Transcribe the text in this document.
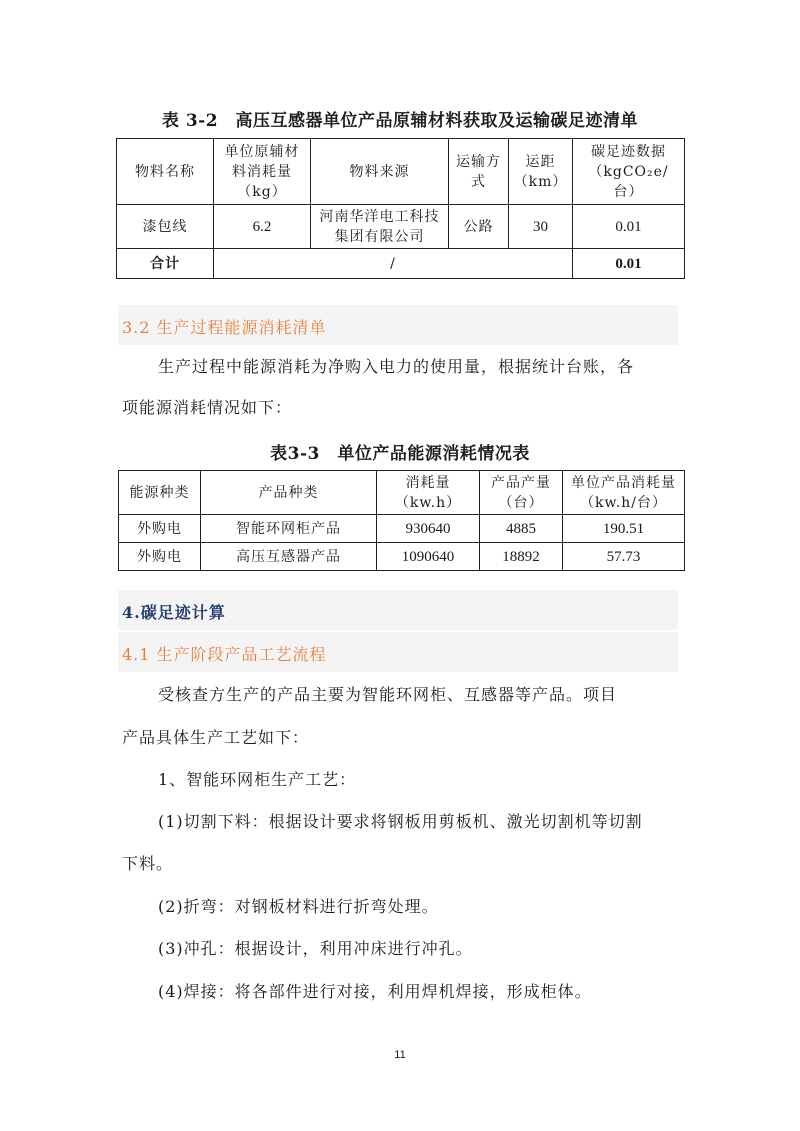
表 3-2　高压互感器单位产品原辅材料获取及运输碳足迹清单
物料名称	单位原辅材料消耗量（kg）	物料来源	运输方式	运距（km）	碳足迹数据（kgCO₂e/台）
漆包线	6.2	河南华洋电工科技集团有限公司	公路	30	0.01
合计	/				0.01
3.2 生产过程能源消耗清单
生产过程中能源消耗为净购入电力的使用量，根据统计台账，各
项能源消耗情况如下：
表3-3　单位产品能源消耗情况表
能源种类	产品种类	消耗量（kw.h）	产品产量（台）	单位产品消耗量（kw.h/台）
外购电	智能环网柜产品	930640	4885	190.51
外购电	高压互感器产品	1090640	18892	57.73
4.碳足迹计算
4.1 生产阶段产品工艺流程
受核查方生产的产品主要为智能环网柜、互感器等产品。项目
产品具体生产工艺如下：
1、智能环网柜生产工艺：
(1)切割下料：根据设计要求将钢板用剪板机、激光切割机等切割
下料。
(2)折弯：对钢板材料进行折弯处理。
(3)冲孔：根据设计，利用冲床进行冲孔。
(4)焊接：将各部件进行对接，利用焊机焊接，形成柜体。
11
